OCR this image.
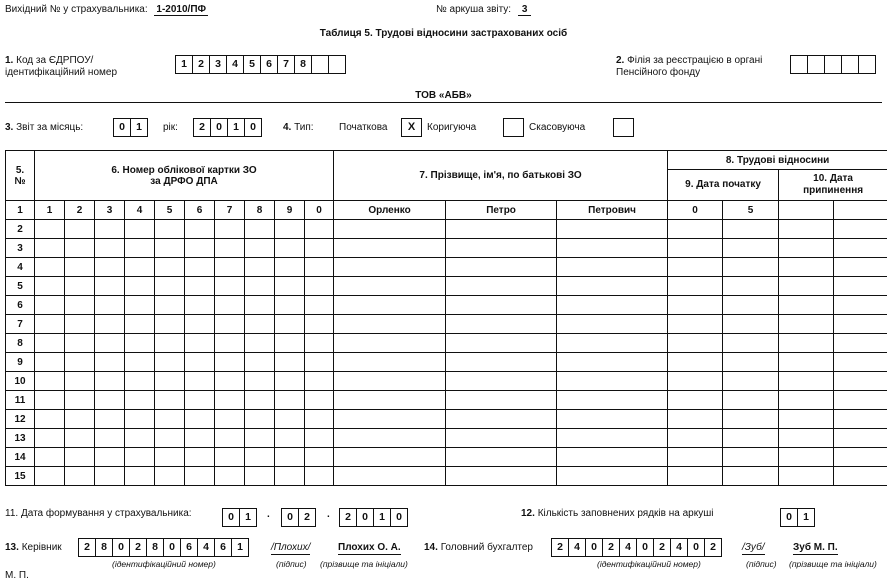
Вихідний № у страхувальника: 1-2010/ПФ	№ аркуша звіту: 3
Таблиця 5. Трудові відносини застрахованих осіб
1. Код за ЄДРПОУ/
ідентифікаційний номер
1	2	3	4	5	6	7	8	2. Філія за реєстрацією в органі
Пенсійного фонду
ТОВ «АБВ»
3. Звіт за місяць:	0	1	рік:	2	0	1	0	4. Тип:	Початкова	X	Коригуюча	Скасовуюча
5. №	6. Номер облікової картки ЗО
за ДРФО ДПА										7. Прізвище, ім'я, по батькові ЗО			8. Трудові відносини			
														9. Дата початку		10. Дата припинення	
1	1	2	3	4	5	6	7	8	9	0	Орленко	Петро	Петрович	0	5		
2																	
3																	
4																	
5																	
6																	
7																	
8																	
9																	
10																	
11																	
12																	
13																	
14																	
15																	
11. Дата формування у страхувальника:	0	1	.	0	2	.	2	0	1	0	12. Кількість заповнених рядків на аркуші	0	1
13. Керівник	2	8	0	2	8	0	6	4	6	1	/Плохих/	Плохих О. А.
(ідентифікаційний номер)	(підпис) (прізвище та ініціали)
14. Головний бухгалтер	2	4	0	2	4	0	2	4	0	2	/Зуб/	Зуб М. П.
(ідентифікаційний номер)	(підпис) (прізвище та ініціали)
М. П.
